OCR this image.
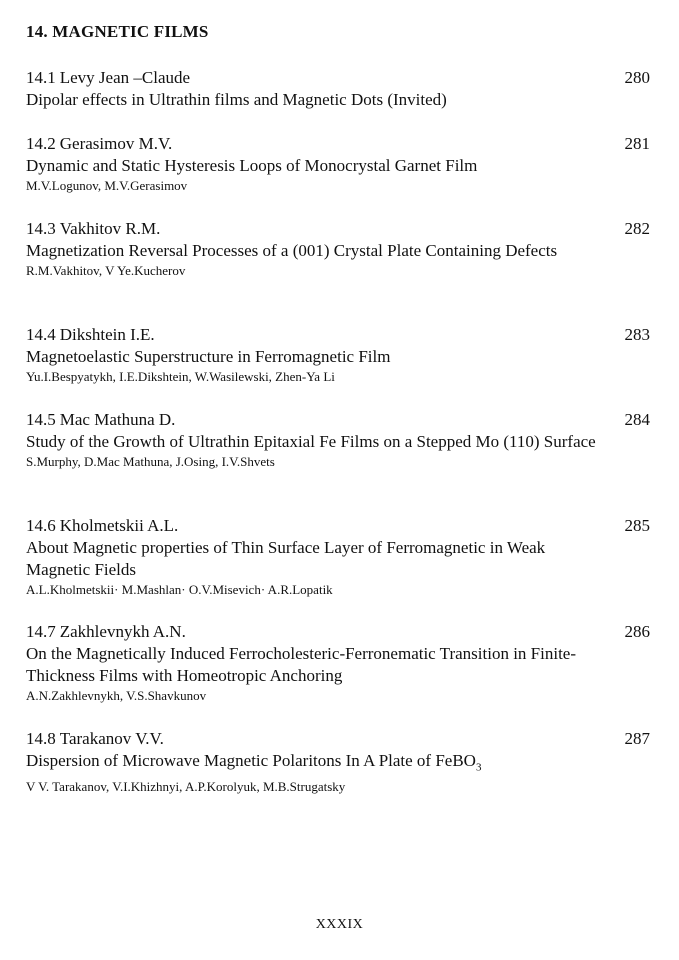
14. MAGNETIC FILMS
14.1 Levy Jean –Claude	280

Dipolar effects in Ultrathin films and Magnetic Dots (Invited)

14.2 Gerasimov M.V.	281

Dynamic and Static Hysteresis Loops of Monocrystal Garnet Film

M.V.Logunov, M.V.Gerasimov

14.3 Vakhitov R.M.	282

Magnetization Reversal Processes of a (001) Crystal Plate Containing Defects

R.M.Vakhitov, V Ye.Kucherov

14.4 Dikshtein I.E.	283

Magnetoelastic Superstructure in Ferromagnetic Film

Yu.I.Bespyatykh, I.E.Dikshtein, W.Wasilewski, Zhen-Ya Li

14.5 Mac Mathuna D.	284

Study of the Growth of Ultrathin Epitaxial Fe Films on a Stepped Mo (110) Surface

S.Murphy, D.Mac Mathuna, J.Osing, I.V.Shvets

14.6 Kholmetskii A.L.	285

About Magnetic properties of Thin Surface Layer of Ferromagnetic in Weak Magnetic Fields

A.L.Kholmetskii· M.Mashlan· O.V.Misevich· A.R.Lopatik

14.7 Zakhlevnykh A.N.	286

On the Magnetically Induced Ferrocholesteric-Ferronematic Transition in Finite-Thickness Films with Homeotropic Anchoring

A.N.Zakhlevnykh, V.S.Shavkunov

14.8 Tarakanov V.V.	287

Dispersion of Microwave Magnetic Polaritons In A Plate of FeBO$_3$

V V. Tarakanov, V.I.Khizhnyi, A.P.Korolyuk, M.B.Strugatsky

XXXIX
